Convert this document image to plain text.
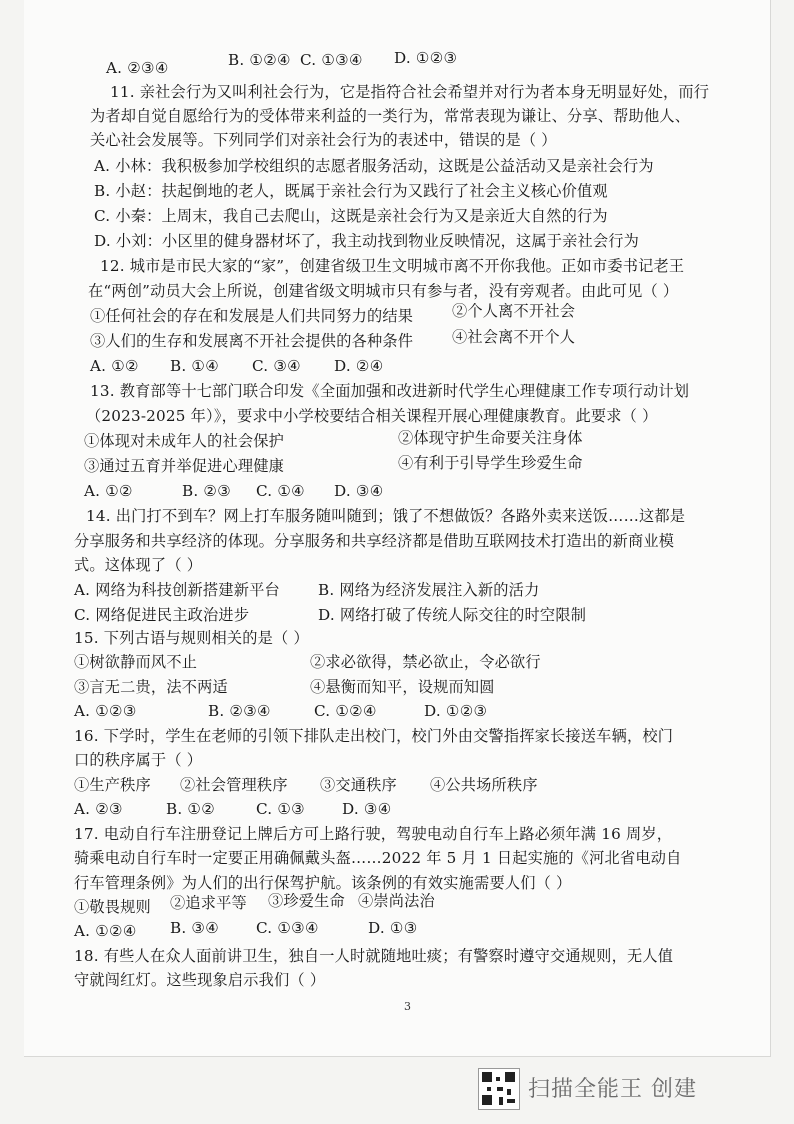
A. ②③④	B. ①②④ C. ①③④ D. ①②③
11. 亲社会行为又叫利社会行为，它是指符合社会希望并对行为者本身无明显好处，而行
为者却自觉自愿给行为的受体带来利益的一类行为，常常表现为谦让、分享、帮助他人、
关心社会发展等。下列同学们对亲社会行为的表述中，错误的是（ ）
A. 小林：我积极参加学校组织的志愿者服务活动，这既是公益活动又是亲社会行为
B. 小赵：扶起倒地的老人，既属于亲社会行为又践行了社会主义核心价值观
C. 小秦：上周末，我自己去爬山，这既是亲社会行为又是亲近大自然的行为
D. 小刘：小区里的健身器材坏了，我主动找到物业反映情况，这属于亲社会行为
12. 城市是市民大家的“家”，创建省级卫生文明城市离不开你我他。正如市委书记老王
在“两创”动员大会上所说，创建省级文明城市只有参与者，没有旁观者。由此可见（ ）
①任何社会的存在和发展是人们共同努力的结果	②个人离不开社会
③人们的生存和发展离不开社会提供的各种条件	④社会离不开个人
A. ①② B. ①④ C. ③④ D. ②④
13. 教育部等十七部门联合印发《全面加强和改进新时代学生心理健康工作专项行动计划
（2023-2025 年）》，要求中小学校要结合相关课程开展心理健康教育。此要求（ ）
①体现对未成年人的社会保护	②体现守护生命要关注身体
③通过五育并举促进心理健康	④有利于引导学生珍爱生命
A. ①②	B. ②③ C. ①④ D. ③④
14. 出门打不到车？网上打车服务随叫随到；饿了不想做饭？各路外卖来送饭……这都是
分享服务和共享经济的体现。分享服务和共享经济都是借助互联网技术打造出的新商业模
式。这体现了（ ）
A. 网络为科技创新搭建新平台	B. 网络为经济发展注入新的活力
C. 网络促进民主政治进步	D. 网络打破了传统人际交往的时空限制
15. 下列古语与规则相关的是（ ）
①树欲静而风不止	②求必欲得，禁必欲止，令必欲行
③言无二贵，法不两适	④悬衡而知平，设规而知圆
A. ①②③	B. ②③④	C. ①②④	D. ①②③
16. 下学时，学生在老师的引领下排队走出校门，校门外由交警指挥家长接送车辆，校门
口的秩序属于（ ）
①生产秩序 ②社会管理秩序 ③交通秩序 ④公共场所秩序
A. ②③	B. ①②	C. ①③ D. ③④
17. 电动自行车注册登记上牌后方可上路行驶，驾驶电动自行车上路必须年满 16 周岁，
骑乘电动自行车时一定要正用确佩戴头盔……2022 年 5 月 1 日起实施的《河北省电动自
行车管理条例》为人们的出行保驾护航。该条例的有效实施需要人们（ ）
①敬畏规则 ②追求平等 ③珍爱生命 ④崇尚法治
A. ①②④ B. ③④ C. ①③④	D. ①③
18. 有些人在众人面前讲卫生，独自一人时就随地吐痰；有警察时遵守交通规则，无人值
守就闯红灯。这些现象启示我们（ ）
3
扫描全能王 创建
